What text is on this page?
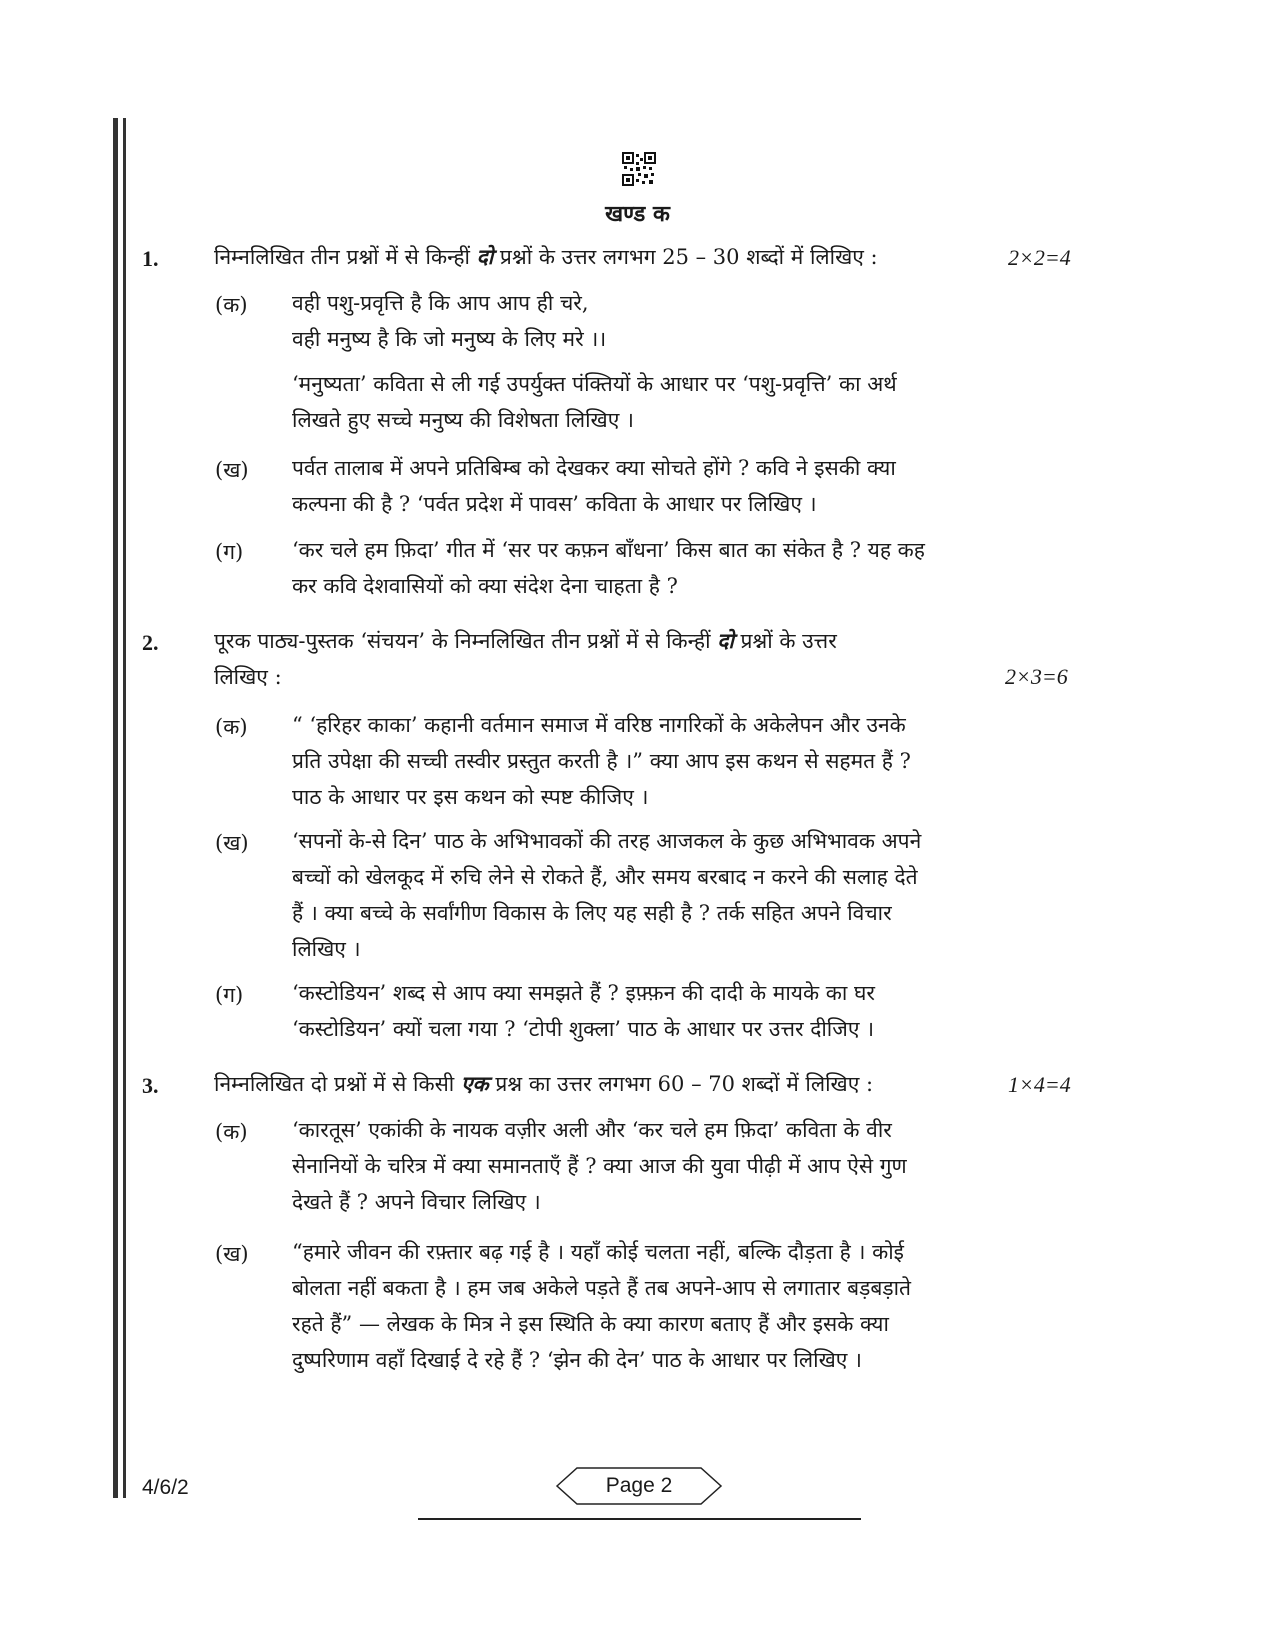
खण्ड क
1.	निम्नलिखित तीन प्रश्नों में से किन्हीं दो प्रश्नों के उत्तर लगभग 25 – 30 शब्दों में लिखिए :	2×2=4
(क) वही पशु-प्रवृत्ति है कि आप आप ही चरे,
वही मनुष्य है कि जो मनुष्य के लिए मरे ।।
‘मनुष्यता’ कविता से ली गई उपर्युक्त पंक्तियों के आधार पर ‘पशु-प्रवृत्ति’ का अर्थ
लिखते हुए सच्चे मनुष्य की विशेषता लिखिए ।
(ख) पर्वत तालाब में अपने प्रतिबिम्ब को देखकर क्या सोचते होंगे ? कवि ने इसकी क्या
कल्पना की है ? ‘पर्वत प्रदेश में पावस’ कविता के आधार पर लिखिए ।
(ग) ‘कर चले हम फ़िदा’ गीत में ‘सर पर कफ़न बाँधना’ किस बात का संकेत है ? यह कह
कर कवि देशवासियों को क्या संदेश देना चाहता है ?
2.	पूरक पाठ्य-पुस्तक ‘संचयन’ के निम्नलिखित तीन प्रश्नों में से किन्हीं दो प्रश्नों के उत्तर
लिखिए :	2×3=6
(क) “ ‘हरिहर काका’ कहानी वर्तमान समाज में वरिष्ठ नागरिकों के अकेलेपन और उनके
प्रति उपेक्षा की सच्ची तस्वीर प्रस्तुत करती है ।” क्या आप इस कथन से सहमत हैं ?
पाठ के आधार पर इस कथन को स्पष्ट कीजिए ।
(ख) ‘सपनों के-से दिन’ पाठ के अभिभावकों की तरह आजकल के कुछ अभिभावक अपने
बच्चों को खेलकूद में रुचि लेने से रोकते हैं, और समय बरबाद न करने की सलाह देते
हैं । क्या बच्चे के सर्वांगीण विकास के लिए यह सही है ? तर्क सहित अपने विचार
लिखिए ।
(ग) ‘कस्टोडियन’ शब्द से आप क्या समझते हैं ? इफ़्फ़न की दादी के मायके का घर
‘कस्टोडियन’ क्यों चला गया ? ‘टोपी शुक्ला’ पाठ के आधार पर उत्तर दीजिए ।
3.	निम्नलिखित दो प्रश्नों में से किसी एक प्रश्न का उत्तर लगभग 60 – 70 शब्दों में लिखिए :	1×4=4
(क) ‘कारतूस’ एकांकी के नायक वज़ीर अली और ‘कर चले हम फ़िदा’ कविता के वीर
सेनानियों के चरित्र में क्या समानताएँ हैं ? क्या आज की युवा पीढ़ी में आप ऐसे गुण
देखते हैं ? अपने विचार लिखिए ।
(ख) “हमारे जीवन की रफ़्तार बढ़ गई है । यहाँ कोई चलता नहीं, बल्कि दौड़ता है । कोई
बोलता नहीं बकता है । हम जब अकेले पड़ते हैं तब अपने-आप से लगातार बड़बड़ाते
रहते हैं” — लेखक के मित्र ने इस स्थिति के क्या कारण बताए हैं और इसके क्या
दुष्परिणाम वहाँ दिखाई दे रहे हैं ? ‘झेन की देन’ पाठ के आधार पर लिखिए ।
4/6/2	Page 2
